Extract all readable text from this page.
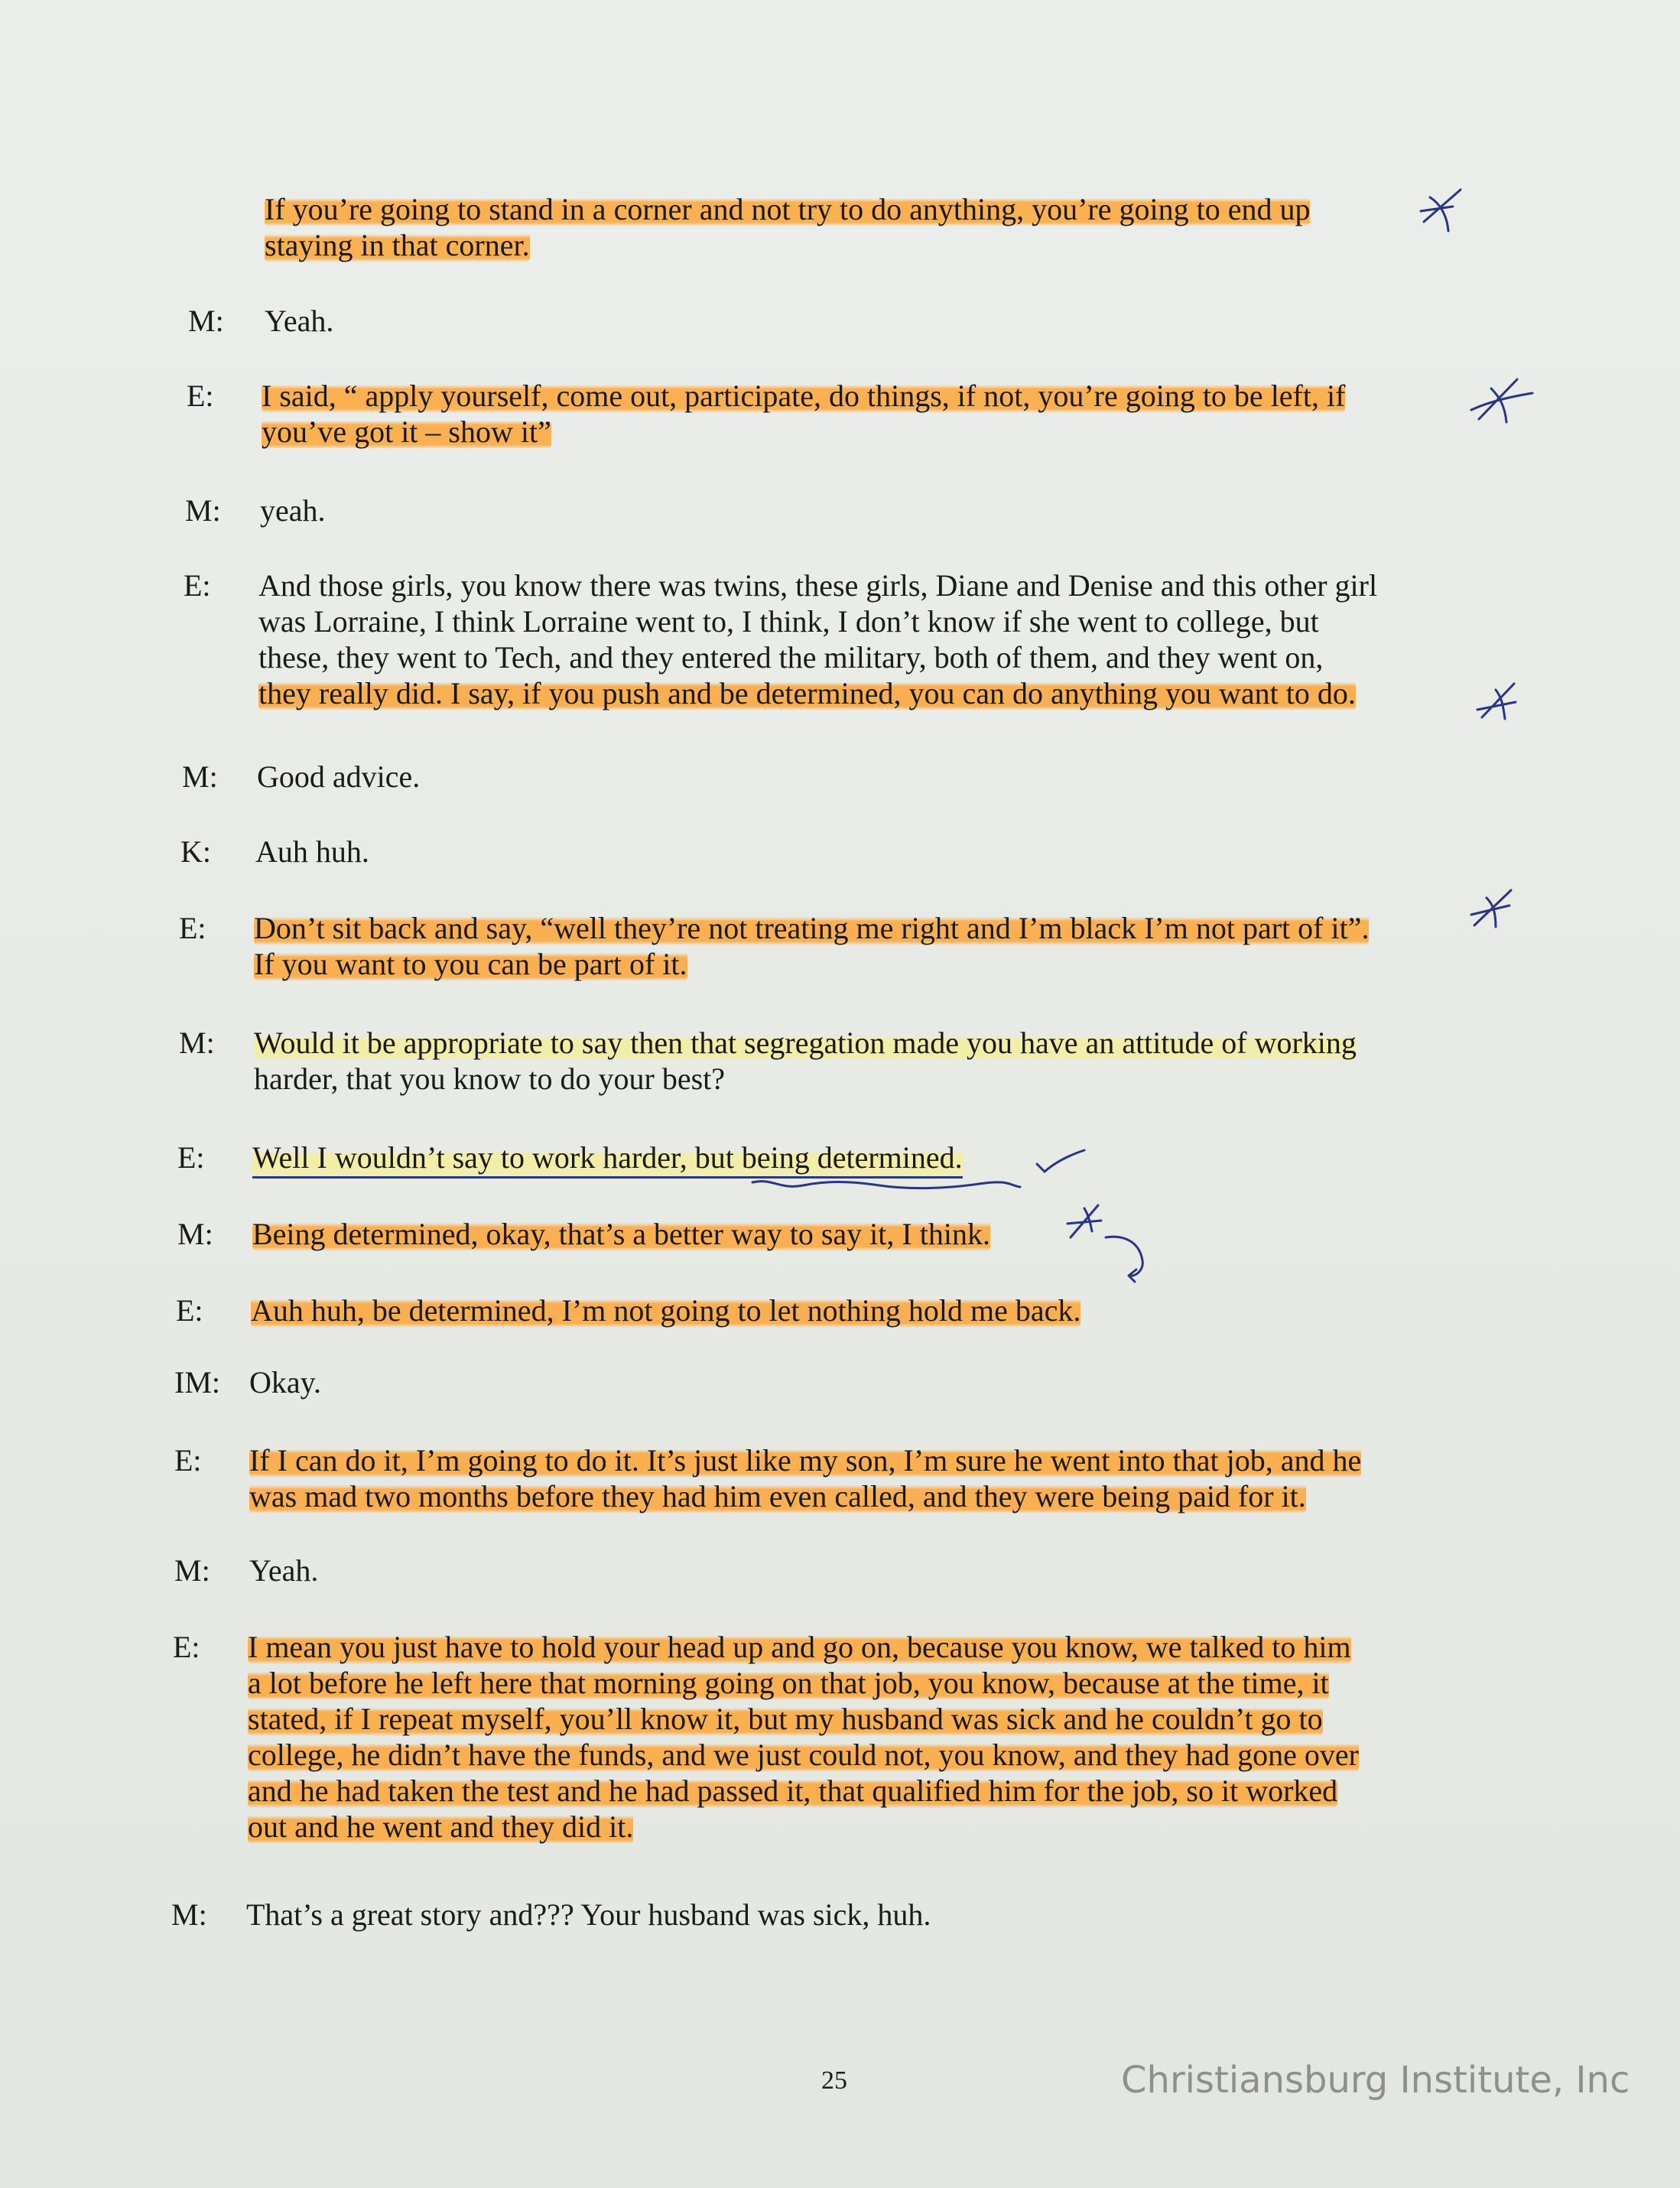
If you’re going to stand in a corner and not try to do anything, you’re going to end up
staying in that corner.
M: Yeah.
E: I said, “ apply yourself, come out, participate, do things, if not, you’re going to be left, if
you’ve got it – show it”
M: yeah.
E: And those girls, you know there was twins, these girls, Diane and Denise and this other girl
was Lorraine, I think Lorraine went to, I think, I don’t know if she went to college, but
these, they went to Tech, and they entered the military, both of them, and they went on,
they really did. I say, if you push and be determined, you can do anything you want to do.
M: Good advice.
K: Auh huh.
E: Don’t sit back and say, “well they’re not treating me right and I’m black I’m not part of it”.
If you want to you can be part of it.
M: Would it be appropriate to say then that segregation made you have an attitude of working
harder, that you know to do your best?
E: Well I wouldn’t say to work harder, but being determined.
M: Being determined, okay, that’s a better way to say it, I think.
E: Auh huh, be determined, I’m not going to let nothing hold me back.
IM: Okay.
E: If I can do it, I’m going to do it. It’s just like my son, I’m sure he went into that job, and he
was mad two months before they had him even called, and they were being paid for it.
M: Yeah.
E: I mean you just have to hold your head up and go on, because you know, we talked to him
a lot before he left here that morning going on that job, you know, because at the time, it
stated, if I repeat myself, you’ll know it, but my husband was sick and he couldn’t go to
college, he didn’t have the funds, and we just could not, you know, and they had gone over
and he had taken the test and he had passed it, that qualified him for the job, so it worked
out and he went and they did it.
M: That’s a great story and??? Your husband was sick, huh.
25	Christiansburg Institute, Inc
